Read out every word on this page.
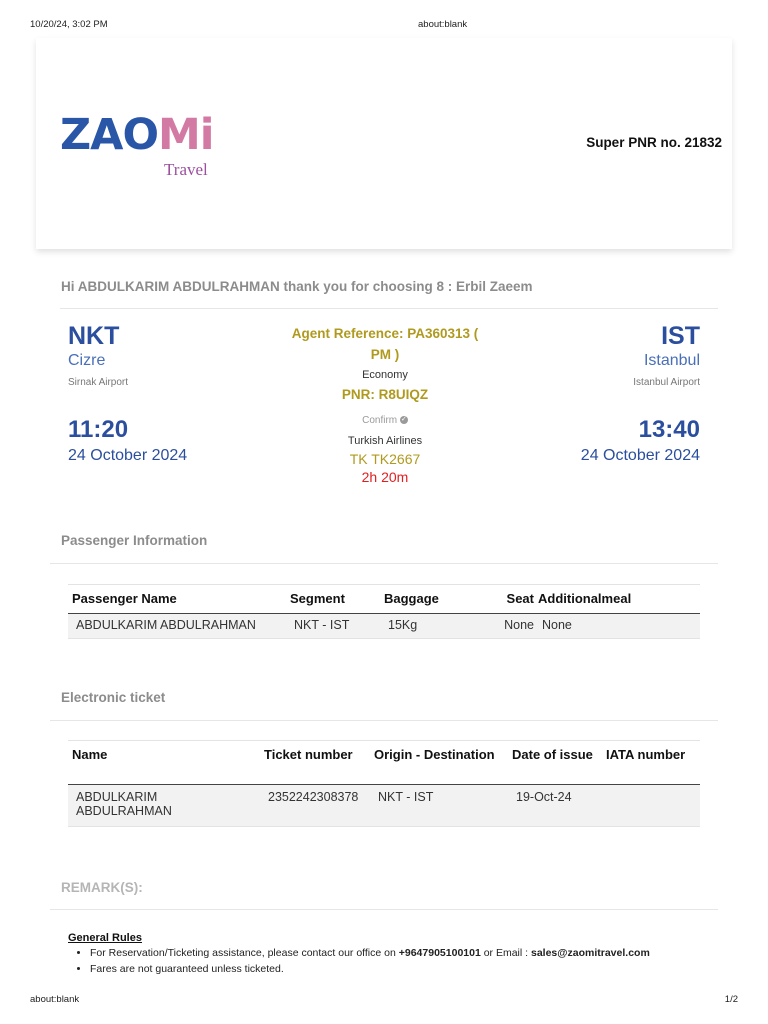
10/20/24, 3:02 PM	about:blank
ZAOMi
Travel
Super PNR no. 21832
Hi ABDULKARIM ABDULRAHMAN thank you for choosing 8 : Erbil Zaeem
NKT
Cizre
Sirnak Airport
11:20
24 October 2024
IST
Istanbul
Istanbul Airport
13:40
24 October 2024
Agent Reference: PA360313 (
PM )
Economy
PNR: R8UIQZ
Confirm ✓
Turkish Airlines
TK TK2667
2h 20m
Passenger Information
Passenger Name	Segment	Baggage	Seat	Additionalmeal
ABDULKARIM ABDULRAHMAN	NKT - IST	15Kg	None	None
Electronic ticket
Name	Ticket number	Origin - Destination	Date of issue	IATA number

ABDULKARIM ABDULRAHMAN	2352242308378	NKT - IST	19-Oct-24	
REMARK(S):
General Rules
• For Reservation/Ticketing assistance, please contact our office on +9647905100101 or Email : sales@zaomitravel.com
• Fares are not guaranteed unless ticketed.
about:blank	1/2
